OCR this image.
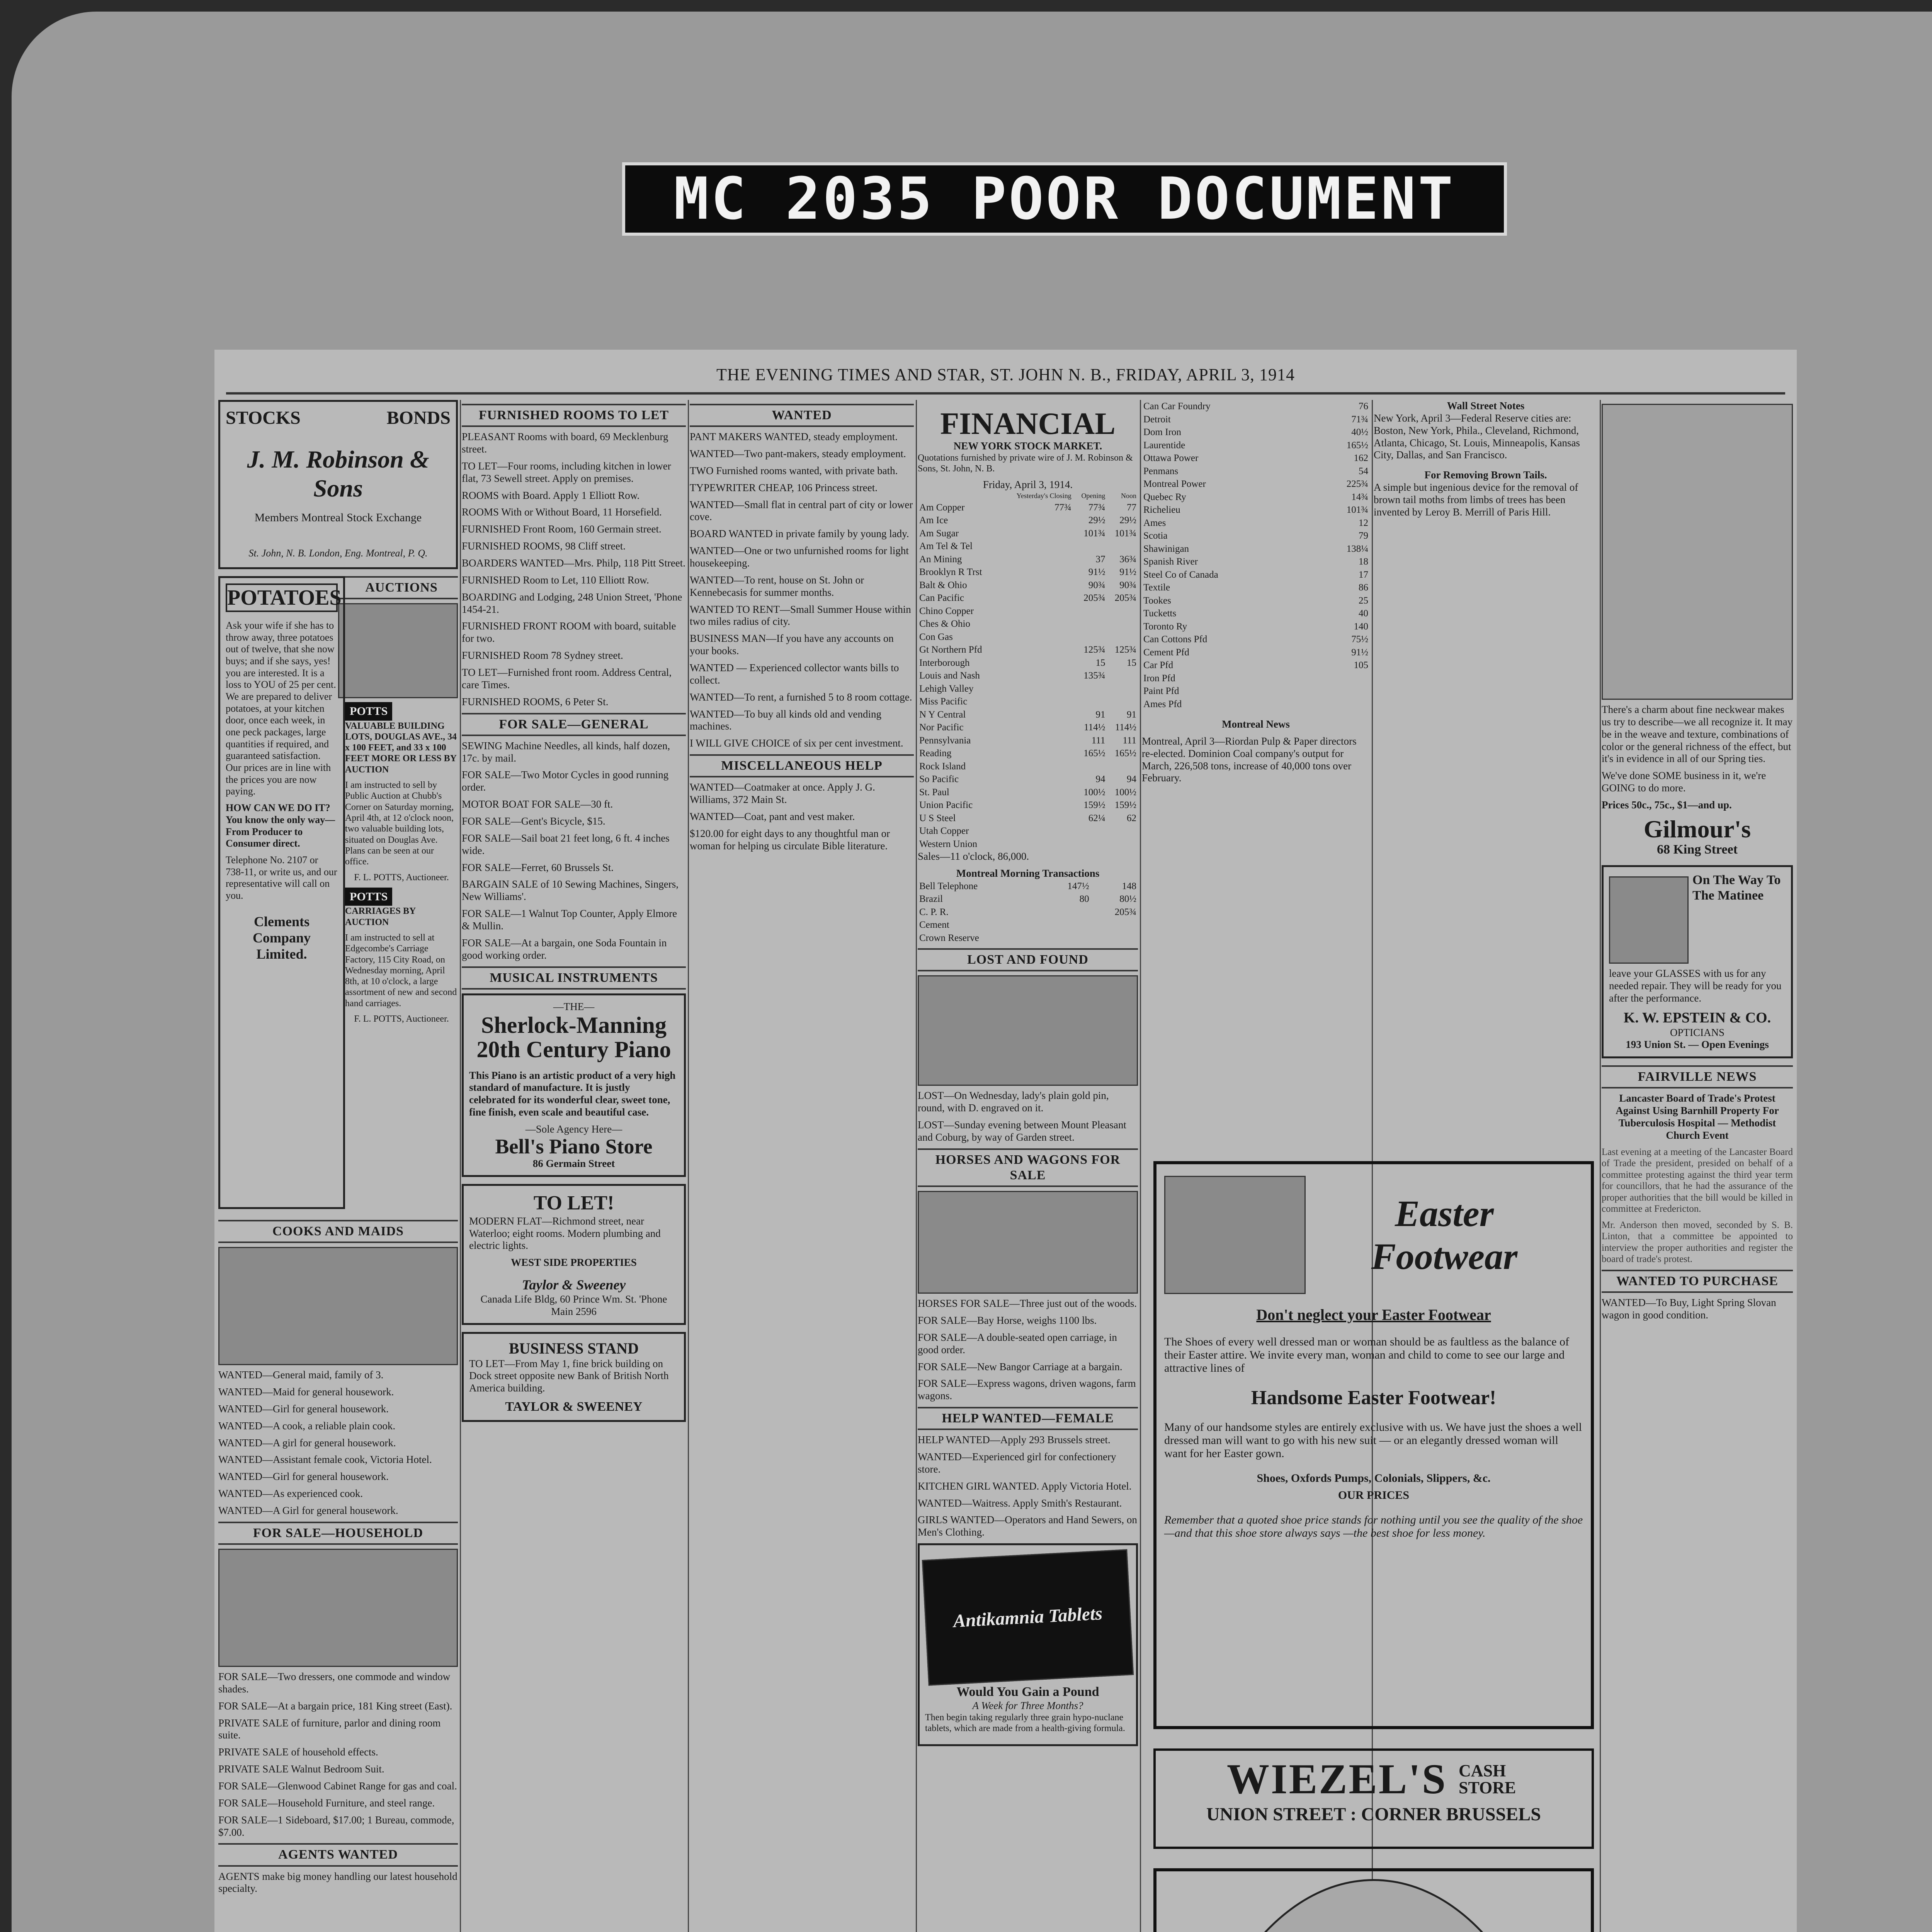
MC 2035 POOR DOCUMENT
THE EVENING TIMES AND STAR, ST. JOHN N. B., FRIDAY, APRIL 3, 1914
STOCKS	BONDS
J. M. Robinson & Sons
Members Montreal Stock Exchange
St. John, N. B. London, Eng. Montreal, P. Q.
POTATOES

Ask your wife if she has to throw away, three potatoes out of twelve, that she now buys; and if she says, yes! you are interested. It is a loss to YOU of 25 per cent. We are prepared to deliver potatoes, at your kitchen door, once each week, in one peck packages, large quantities if required, and guaranteed satisfaction. Our prices are in line with the prices you are now paying.

HOW CAN WE DO IT? You know the only way— From Producer to Consumer direct.

Telephone No. 2107 or 738-11, or write us, and our representative will call on you.

Clements Company Limited.
AUCTIONS
POTTS

VALUABLE BUILDING LOTS, DOUGLAS AVE., 34 x 100 FEET, and 33 x 100 FEET MORE OR LESS BY AUCTION

I am instructed to sell by Public Auction at Chubb's Corner on Saturday morning, April 4th, at 12 o'clock noon, two valuable building lots, situated on Douglas Ave. Plans can be seen at our office.

F. L. POTTS, Auctioneer.

POTTS

CARRIAGES BY AUCTION

I am instructed to sell at Edgecombe's Carriage Factory, 115 City Road, on Wednesday morning, April 8th, at 10 o'clock, a large assortment of new and second hand carriages.

F. L. POTTS, Auctioneer.

COOKS AND MAIDS

WANTED—General maid, family of 3.

WANTED—Maid for general housework.

WANTED—Girl for general housework.

WANTED—A cook, a reliable plain cook.

WANTED—A girl for general housework.

WANTED—Assistant female cook, Victoria Hotel.

WANTED—Girl for general housework.

WANTED—As experienced cook.

WANTED—A Girl for general housework.

FOR SALE—HOUSEHOLD

FOR SALE—Two dressers, one commode and window shades.

FOR SALE—At a bargain price, 181 King street (East).

PRIVATE SALE of furniture, parlor and dining room suite.

PRIVATE SALE of household effects.

PRIVATE SALE Walnut Bedroom Suit.

FOR SALE—Glenwood Cabinet Range for gas and coal.

FOR SALE—Household Furniture, and steel range.

FOR SALE—1 Sideboard, $17.00; 1 Bureau, commode, $7.00.

AGENTS WANTED

AGENTS make big money handling our latest household specialty.

FURNISHED ROOMS TO LET

PLEASANT Rooms with board, 69 Mecklenburg street.

TO LET—Four rooms, including kitchen in lower flat, 73 Sewell street. Apply on premises.

ROOMS with Board. Apply 1 Elliott Row.

ROOMS With or Without Board, 11 Horsefield.

FURNISHED Front Room, 160 Germain street.

FURNISHED ROOMS, 98 Cliff street.

BOARDERS WANTED—Mrs. Philp, 118 Pitt Street.

FURNISHED Room to Let, 110 Elliott Row.

BOARDING and Lodging, 248 Union Street, 'Phone 1454-21.

FURNISHED FRONT ROOM with board, suitable for two.

FURNISHED Room 78 Sydney street.

TO LET—Furnished front room. Address Central, care Times.

FURNISHED ROOMS, 6 Peter St.

FOR SALE—GENERAL

SEWING Machine Needles, all kinds, half dozen, 17c. by mail.

FOR SALE—Two Motor Cycles in good running order.

MOTOR BOAT FOR SALE—30 ft.

FOR SALE—Gent's Bicycle, $15.

FOR SALE—Sail boat 21 feet long, 6 ft. 4 inches wide.

FOR SALE—Ferret, 60 Brussels St.

BARGAIN SALE of 10 Sewing Machines, Singers, New Williams'.

FOR SALE—1 Walnut Top Counter, Apply Elmore & Mullin.

FOR SALE—At a bargain, one Soda Fountain in good working order.

MUSICAL INSTRUMENTS
—THE—
Sherlock-Manning 20th Century Piano

This Piano is an artistic product of a very high standard of manufacture. It is justly celebrated for its wonderful clear, sweet tone, fine finish, even scale and beautiful case.

—Sole Agency Here—
Bell's Piano Store
86 Germain Street
TO LET!

MODERN FLAT—Richmond street, near Waterloo; eight rooms. Modern plumbing and electric lights.

WEST SIDE PROPERTIES
Taylor & Sweeney
Canada Life Bldg, 60 Prince Wm. St. 'Phone Main 2596
BUSINESS STAND

TO LET—From May 1, fine brick building on Dock street opposite new Bank of British North America building.

TAYLOR & SWEENEY
WANTED

PANT MAKERS WANTED, steady employment.

WANTED—Two pant-makers, steady employment.

TWO Furnished rooms wanted, with private bath.

TYPEWRITER CHEAP, 106 Princess street.

WANTED—Small flat in central part of city or lower cove.

BOARD WANTED in private family by young lady.

WANTED—One or two unfurnished rooms for light housekeeping.

WANTED—To rent, house on St. John or Kennebecasis for summer months.

WANTED TO RENT—Small Summer House within two miles radius of city.

BUSINESS MAN—If you have any accounts on your books.

WANTED — Experienced collector wants bills to collect.

WANTED—To rent, a furnished 5 to 8 room cottage.

WANTED—To buy all kinds old and vending machines.

I WILL GIVE CHOICE of six per cent investment.

MISCELLANEOUS HELP

WANTED—Coatmaker at once. Apply J. G. Williams, 372 Main St.

WANTED—Coat, pant and vest maker.

$120.00 for eight days to any thoughtful man or woman for helping us circulate Bible literature.

FINANCIAL
NEW YORK STOCK MARKET.

Quotations furnished by private wire of J. M. Robinson & Sons, St. John, N. B.

Friday, April 3, 1914.
	Yesterday's Closing	Opening	Noon
Am Copper	77¾	77¾	77
Am Ice		29½	29½
Am Sugar		101¾	101¾
Am Tel & Tel			
An Mining		37	36¾
Brooklyn R Trst		91½	91½
Balt & Ohio		90¾	90¾
Can Pacific		205¾	205¾
Chino Copper			
Ches & Ohio			
Con Gas			
Gt Northern Pfd		125¾	125¾
Interborough		15	15
Louis and Nash		135¾	
Lehigh Valley			
Miss Pacific			
N Y Central		91	91
Nor Pacific		114½	114½
Pennsylvania		111	111
Reading		165½	165½
Rock Island			
So Pacific		94	94
St. Paul		100½	100½
Union Pacific		159½	159½
U S Steel		62¼	62
Utah Copper			
Western Union			

Sales—11 o'clock, 86,000.

Montreal Morning Transactions
Bell Telephone		147½	148
Brazil		80	80½
C. P. R.			205¾
Cement			
Crown Reserve			
LOST AND FOUND

LOST—On Wednesday, lady's plain gold pin, round, with D. engraved on it.

LOST—Sunday evening between Mount Pleasant and Coburg, by way of Garden street.

HORSES AND WAGONS FOR SALE

HORSES FOR SALE—Three just out of the woods.

FOR SALE—Bay Horse, weighs 1100 lbs.

FOR SALE—A double-seated open carriage, in good order.

FOR SALE—New Bangor Carriage at a bargain.

FOR SALE—Express wagons, driven wagons, farm wagons.

HELP WANTED—FEMALE

HELP WANTED—Apply 293 Brussels street.

WANTED—Experienced girl for confectionery store.

KITCHEN GIRL WANTED. Apply Victoria Hotel.

WANTED—Waitress. Apply Smith's Restaurant.

GIRLS WANTED—Operators and Hand Sewers, on Men's Clothing.

Antikamnia Tablets
Would You Gain a Pound
A Week for Three Months?

Then begin taking regularly three grain hypo-nuclane tablets, which are made from a health-giving formula.

Can Car Foundry			76
Detroit			71¾
Dom Iron			40½
Laurentide			165½
Ottawa Power			162
Penmans			54
Montreal Power			225¾
Quebec Ry			14¾
Richelieu			101¾
Ames			12
Scotia			79
Shawinigan			138¼
Spanish River			18
Steel Co of Canada			17
Textile			86
Tookes			25
Tucketts			40
Toronto Ry			140
Can Cottons Pfd			75½
Cement Pfd			91½
Car Pfd			105
Iron Pfd			
Paint Pfd			
Ames Pfd			

Montreal News

Montreal, April 3—Riordan Pulp & Paper directors re-elected. Dominion Coal company's output for March, 226,508 tons, increase of 40,000 tons over February.

Wall Street Notes

New York, April 3—Federal Reserve cities are: Boston, New York, Phila., Cleveland, Richmond, Atlanta, Chicago, St. Louis, Minneapolis, Kansas City, Dallas, and San Francisco.

For Removing Brown Tails.

A simple but ingenious device for the removal of brown tail moths from limbs of trees has been invented by Leroy B. Merrill of Paris Hill.

Easter
Footwear
Don't neglect your Easter Footwear

The Shoes of every well dressed man or woman should be as faultless as the balance of their Easter attire. We invite every man, woman and child to come to see our large and attractive lines of

Handsome Easter Footwear!

Many of our handsome styles are entirely exclusive with us. We have just the shoes a well dressed man will want to go with his new suit — or an elegantly dressed woman will want for her Easter gown.

Shoes, Oxfords Pumps, Colonials, Slippers, &c.
OUR PRICES

Remember that a quoted shoe price stands for nothing until you see the quality of the shoe—and that this shoe store always says —the best shoe for less money.

WIEZEL'S CASH STORE
UNION STREET : CORNER BRUSSELS

There's a charm about fine neckwear makes us try to describe—we all recognize it. It may be in the weave and texture, combinations of color or the general richness of the effect, but it's in evidence in all of our Spring ties.

We've done SOME business in it, we're GOING to do more.

Prices 50c., 75c., $1—and up.

Gilmour's
68 King Street
On The Way To The Matinee

leave your GLASSES with us for any needed repair. They will be ready for you after the performance.

K. W. EPSTEIN & CO.
OPTICIANS
193 Union St. — Open Evenings
FAIRVILLE NEWS

Lancaster Board of Trade's Protest Against Using Barnhill Property For Tuberculosis Hospital — Methodist Church Event

Last evening at a meeting of the Lancaster Board of Trade the president, presided on behalf of a committee protesting against the third year term for councillors, that he had the assurance of the proper authorities that the bill would be killed in committee at Fredericton.

Mr. Anderson then moved, seconded by S. B. Linton, that a committee be appointed to interview the proper authorities and register the board of trade's protest.

WANTED TO PURCHASE

WANTED—To Buy, Light Spring Slovan wagon in good condition.
